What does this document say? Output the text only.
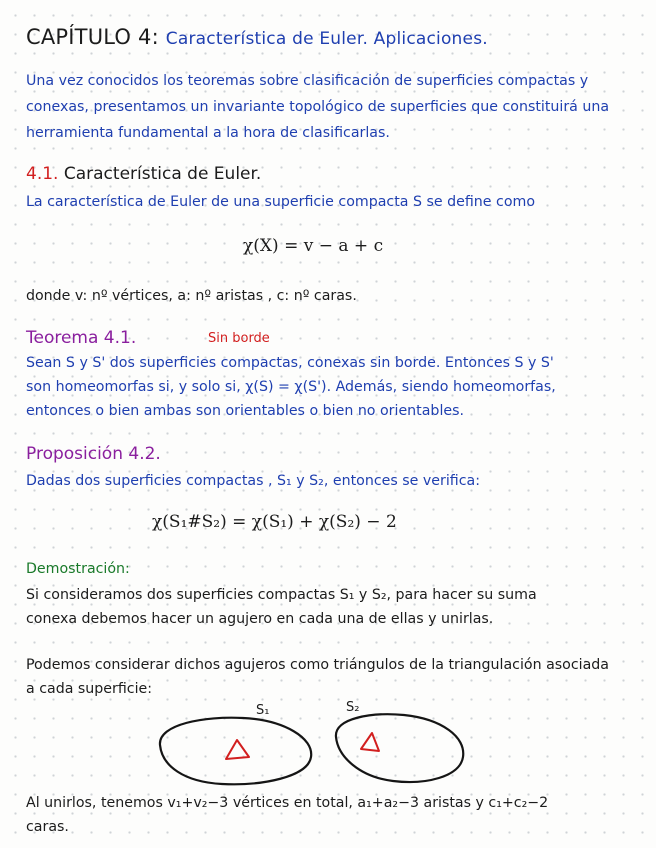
CAPÍTULO 4: Característica de Euler. Aplicaciones.
Una vez conocidos los teoremas sobre clasificación de superficies compactas y
conexas, presentamos un invariante topológico de superficies que constituirá una
herramienta fundamental a la hora de clasificarlas.
4.1. Característica de Euler.
La característica de Euler de una superficie compacta S se define como
χ(X) = v − a + c
donde v: nº vértices, a: nº aristas , c: nº caras.
Teorema 4.1.	Sin borde
Sean S y S' dos superficies compactas, conexas sin borde. Entonces S y S'
son homeomorfas si, y solo si, χ(S) = χ(S'). Además, siendo homeomorfas,
entonces o bien ambas son orientables o bien no orientables.
Proposición 4.2.
Dadas dos superficies compactas , S₁ y S₂, entonces se verifica:
χ(S₁#S₂) = χ(S₁) + χ(S₂) − 2
Demostración:
Si consideramos dos superficies compactas S₁ y S₂, para hacer su suma
conexa debemos hacer un agujero en cada una de ellas y unirlas.
Podemos considerar dichos agujeros como triángulos de la triangulación asociada
a cada superficie:
S₁	S₂
Al unirlos, tenemos v₁+v₂−3 vértices en total, a₁+a₂−3 aristas y c₁+c₂−2
caras.
